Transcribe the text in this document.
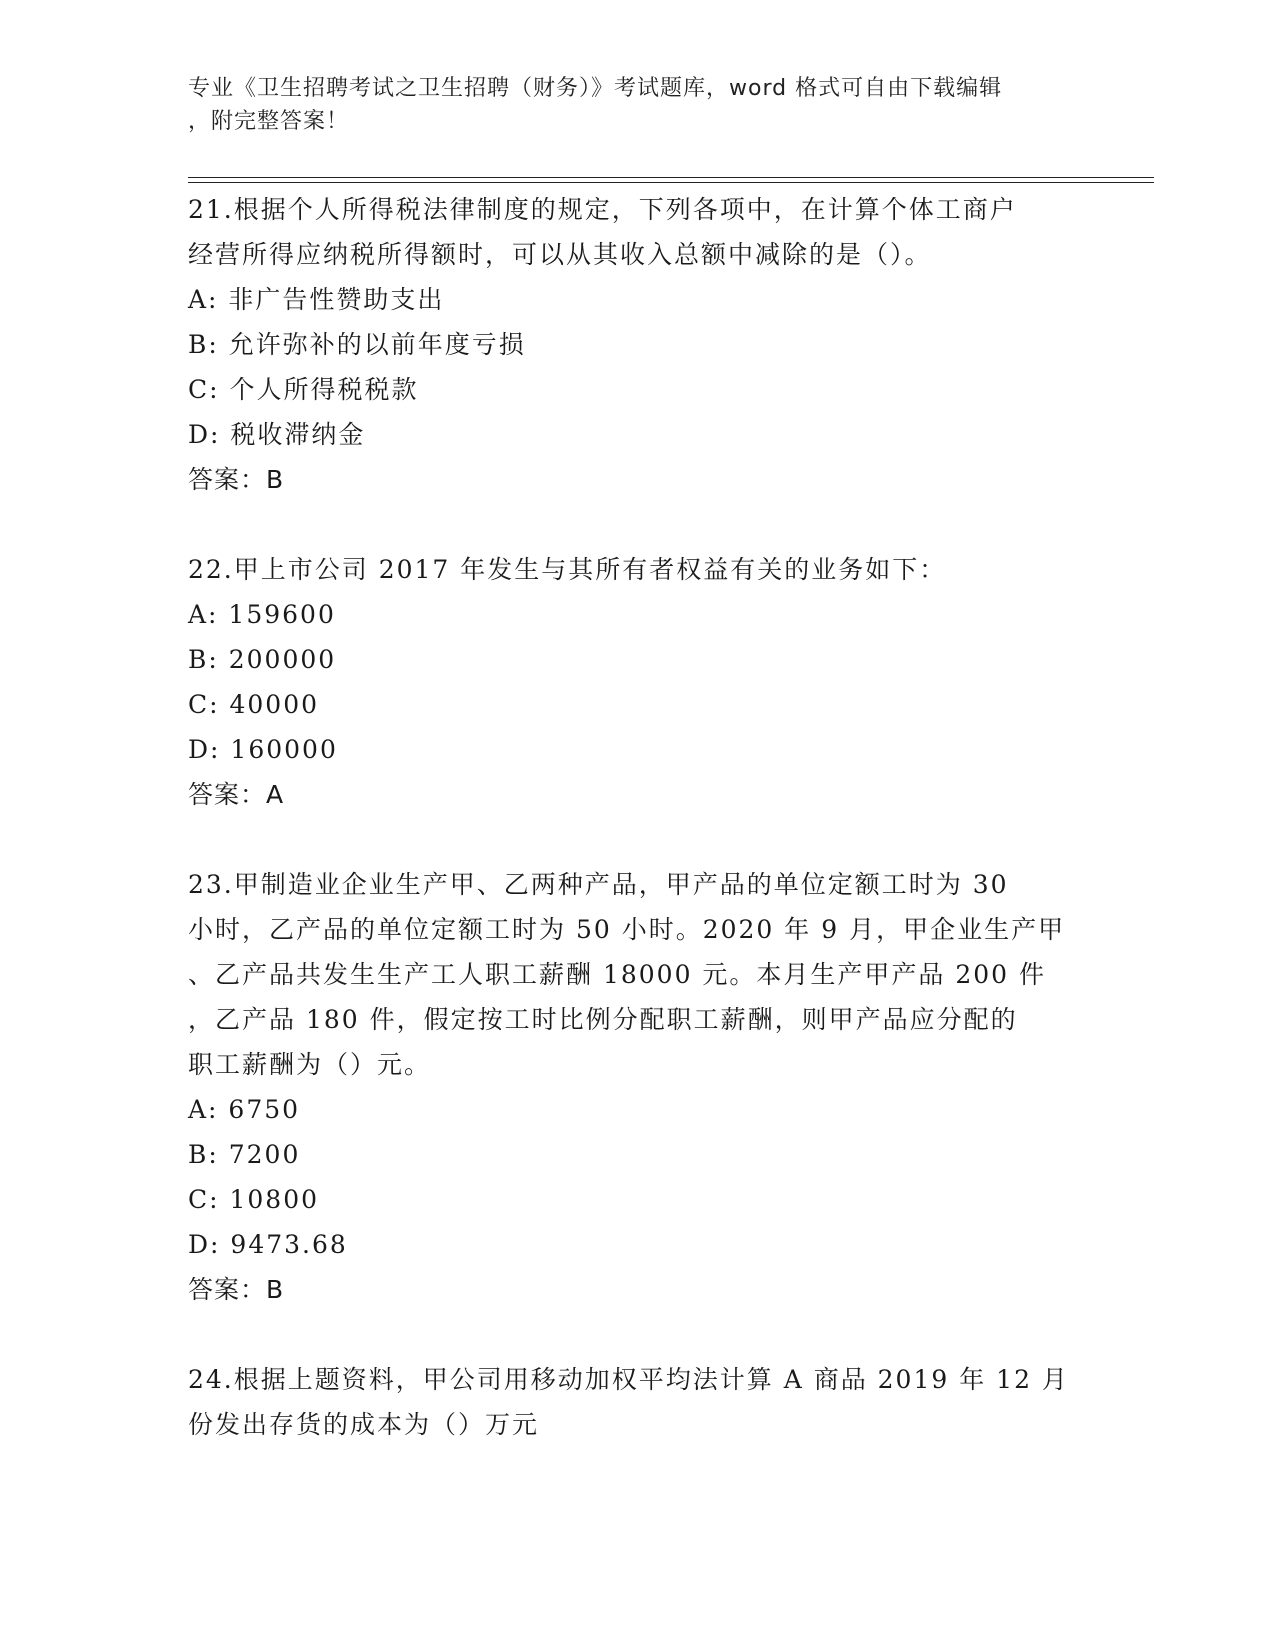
专业《卫生招聘考试之卫生招聘（财务）》考试题库，word 格式可自由下载编辑
，附完整答案！
21.根据个人所得税法律制度的规定，下列各项中，在计算个体工商户
经营所得应纳税所得额时，可以从其收入总额中减除的是（）。
A: 非广告性赞助支出
B: 允许弥补的以前年度亏损
C: 个人所得税税款
D: 税收滞纳金
答案：B
22.甲上市公司 2017 年发生与其所有者权益有关的业务如下：
A: 159600
B: 200000
C: 40000
D: 160000
答案：A
23.甲制造业企业生产甲、乙两种产品，甲产品的单位定额工时为 30
小时，乙产品的单位定额工时为 50 小时。2020 年 9 月，甲企业生产甲
、乙产品共发生生产工人职工薪酬 18000 元。本月生产甲产品 200 件
，乙产品 180 件，假定按工时比例分配职工薪酬，则甲产品应分配的
职工薪酬为（）元。
A: 6750
B: 7200
C: 10800
D: 9473.68
答案：B
24.根据上题资料，甲公司用移动加权平均法计算 A 商品 2019 年 12 月
份发出存货的成本为（）万元
